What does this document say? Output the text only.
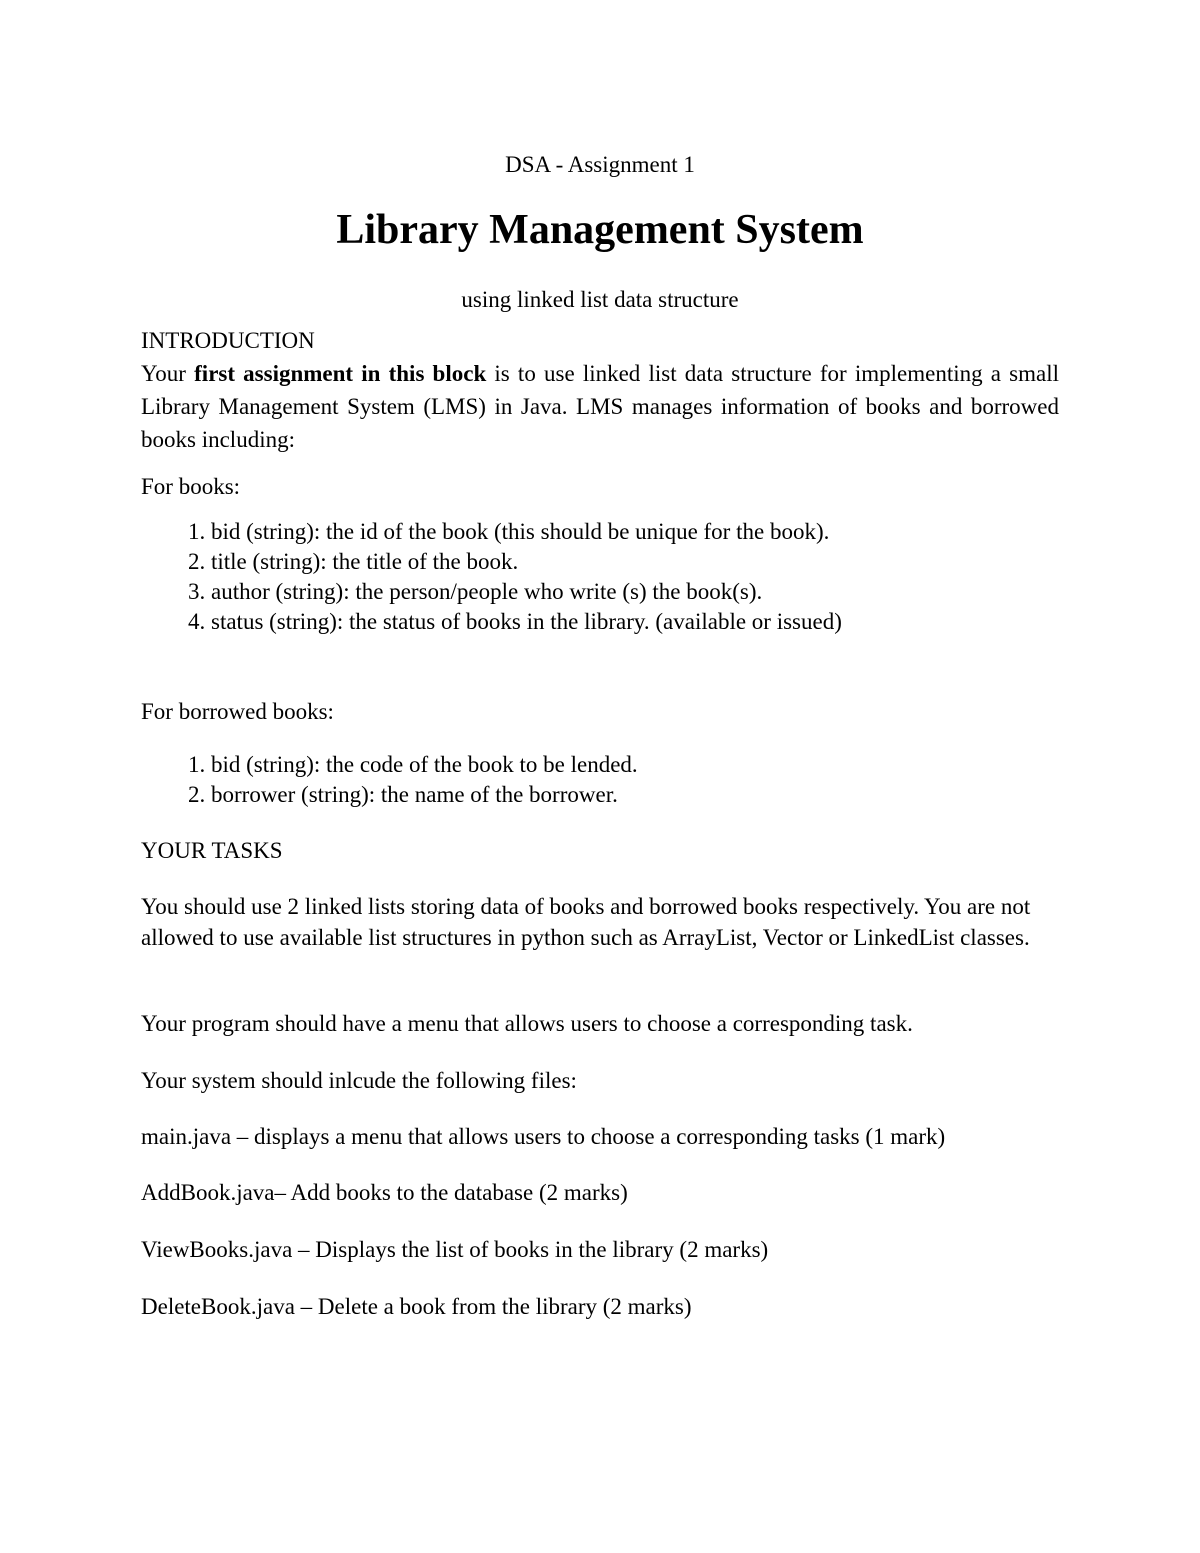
DSA - Assignment 1

Library Management System

using linked list data structure

INTRODUCTION

Your first assignment in this block is to use linked list data structure for implementing a small Library Management System (LMS) in Java. LMS manages information of books and borrowed books including:

For books:

1. bid (string): the id of the book (this should be unique for the book).
2. title (string): the title of the book.
3. author (string): the person/people who write (s) the book(s).
4. status (string): the status of books in the library. (available or issued)

For borrowed books:

1. bid (string): the code of the book to be lended.
2. borrower (string): the name of the borrower.

YOUR TASKS

You should use 2 linked lists storing data of books and borrowed books respectively. You are not allowed to use available list structures in python such as ArrayList, Vector or LinkedList classes.

Your program should have a menu that allows users to choose a corresponding task.

Your system should inlcude the following files:

main.java – displays a menu that allows users to choose a corresponding tasks (1 mark)

AddBook.java– Add books to the database (2 marks)

ViewBooks.java – Displays the list of books in the library (2 marks)

DeleteBook.java – Delete a book from the library (2 marks)
